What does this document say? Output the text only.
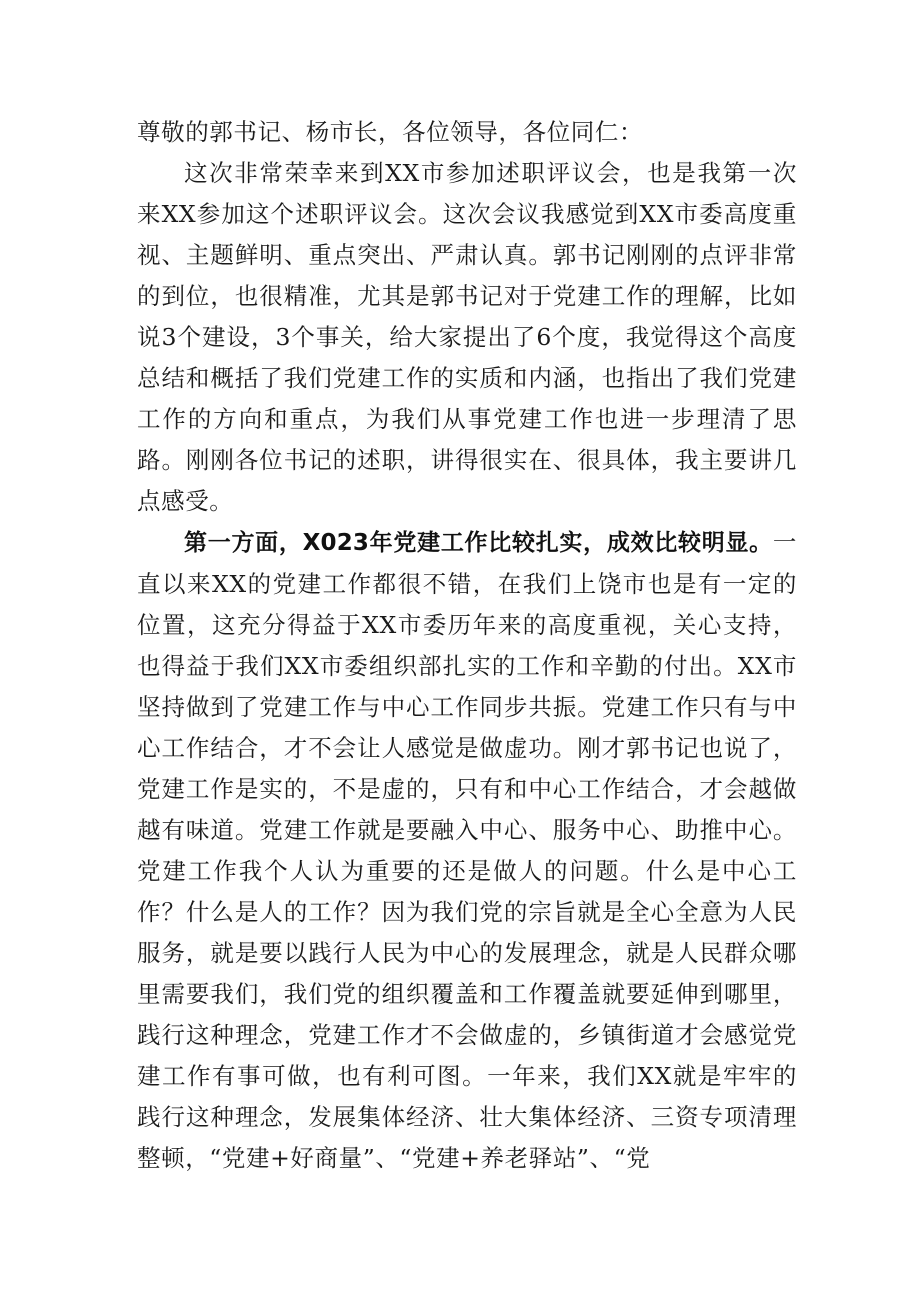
尊敬的郭书记、杨市长，各位领导，各位同仁：

这次非常荣幸来到XX市参加述职评议会，也是我第一次来XX参加这个述职评议会。这次会议我感觉到XX市委高度重视、主题鲜明、重点突出、严肃认真。郭书记刚刚的点评非常的到位，也很精准，尤其是郭书记对于党建工作的理解，比如说3个建设，3个事关，给大家提出了6个度，我觉得这个高度总结和概括了我们党建工作的实质和内涵，也指出了我们党建工作的方向和重点，为我们从事党建工作也进一步理清了思路。刚刚各位书记的述职，讲得很实在、很具体，我主要讲几点感受。

第一方面，X023年党建工作比较扎实，成效比较明显。一直以来XX的党建工作都很不错，在我们上饶市也是有一定的位置，这充分得益于XX市委历年来的高度重视，关心支持，也得益于我们XX市委组织部扎实的工作和辛勤的付出。XX市坚持做到了党建工作与中心工作同步共振。党建工作只有与中心工作结合，才不会让人感觉是做虚功。刚才郭书记也说了，党建工作是实的，不是虚的，只有和中心工作结合，才会越做越有味道。党建工作就是要融入中心、服务中心、助推中心。党建工作我个人认为重要的还是做人的问题。什么是中心工作？什么是人的工作？因为我们党的宗旨就是全心全意为人民服务，就是要以践行人民为中心的发展理念，就是人民群众哪里需要我们，我们党的组织覆盖和工作覆盖就要延伸到哪里，践行这种理念，党建工作才不会做虚的，乡镇街道才会感觉党建工作有事可做，也有利可图。一年来，我们XX就是牢牢的践行这种理念，发展集体经济、壮大集体经济、三资专项清理整顿，“党建+好商量”、“党建+养老驿站”、“党
